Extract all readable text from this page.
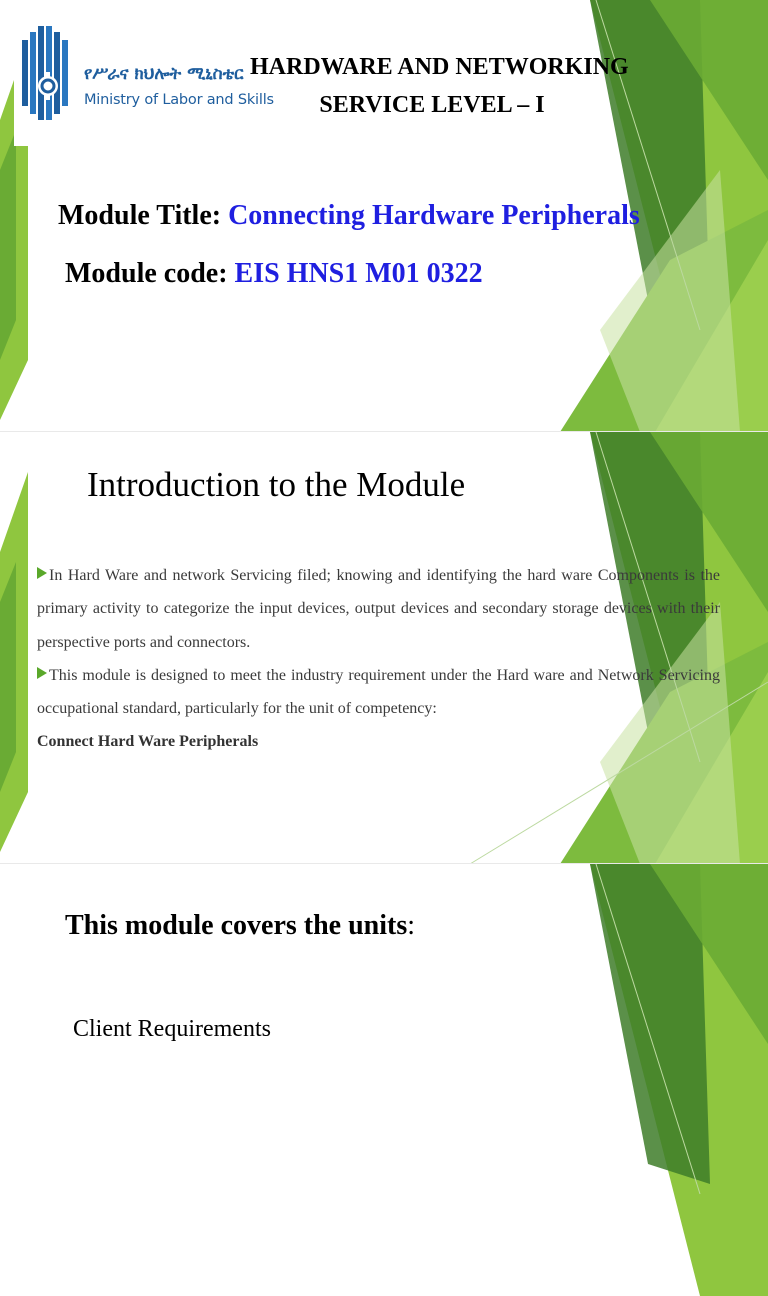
የሥራና ክህሎት ሚኒስቴር
Ministry of Labor and Skills
HARDWARE AND NETWORKING
SERVICE LEVEL – I
Module Title: Connecting Hardware Peripherals
Module code: EIS HNS1 M01 0322
Introduction to the Module

In Hard Ware and network Servicing filed; knowing and identifying the hard ware Components is the primary activity to categorize the input devices, output devices and secondary storage devices with their perspective ports and connectors.

This module is designed to meet the industry requirement under the Hard ware and Network Servicing occupational standard, particularly for the unit of competency:
Connect Hard Ware Peripherals

This module covers the units:
Client Requirements
